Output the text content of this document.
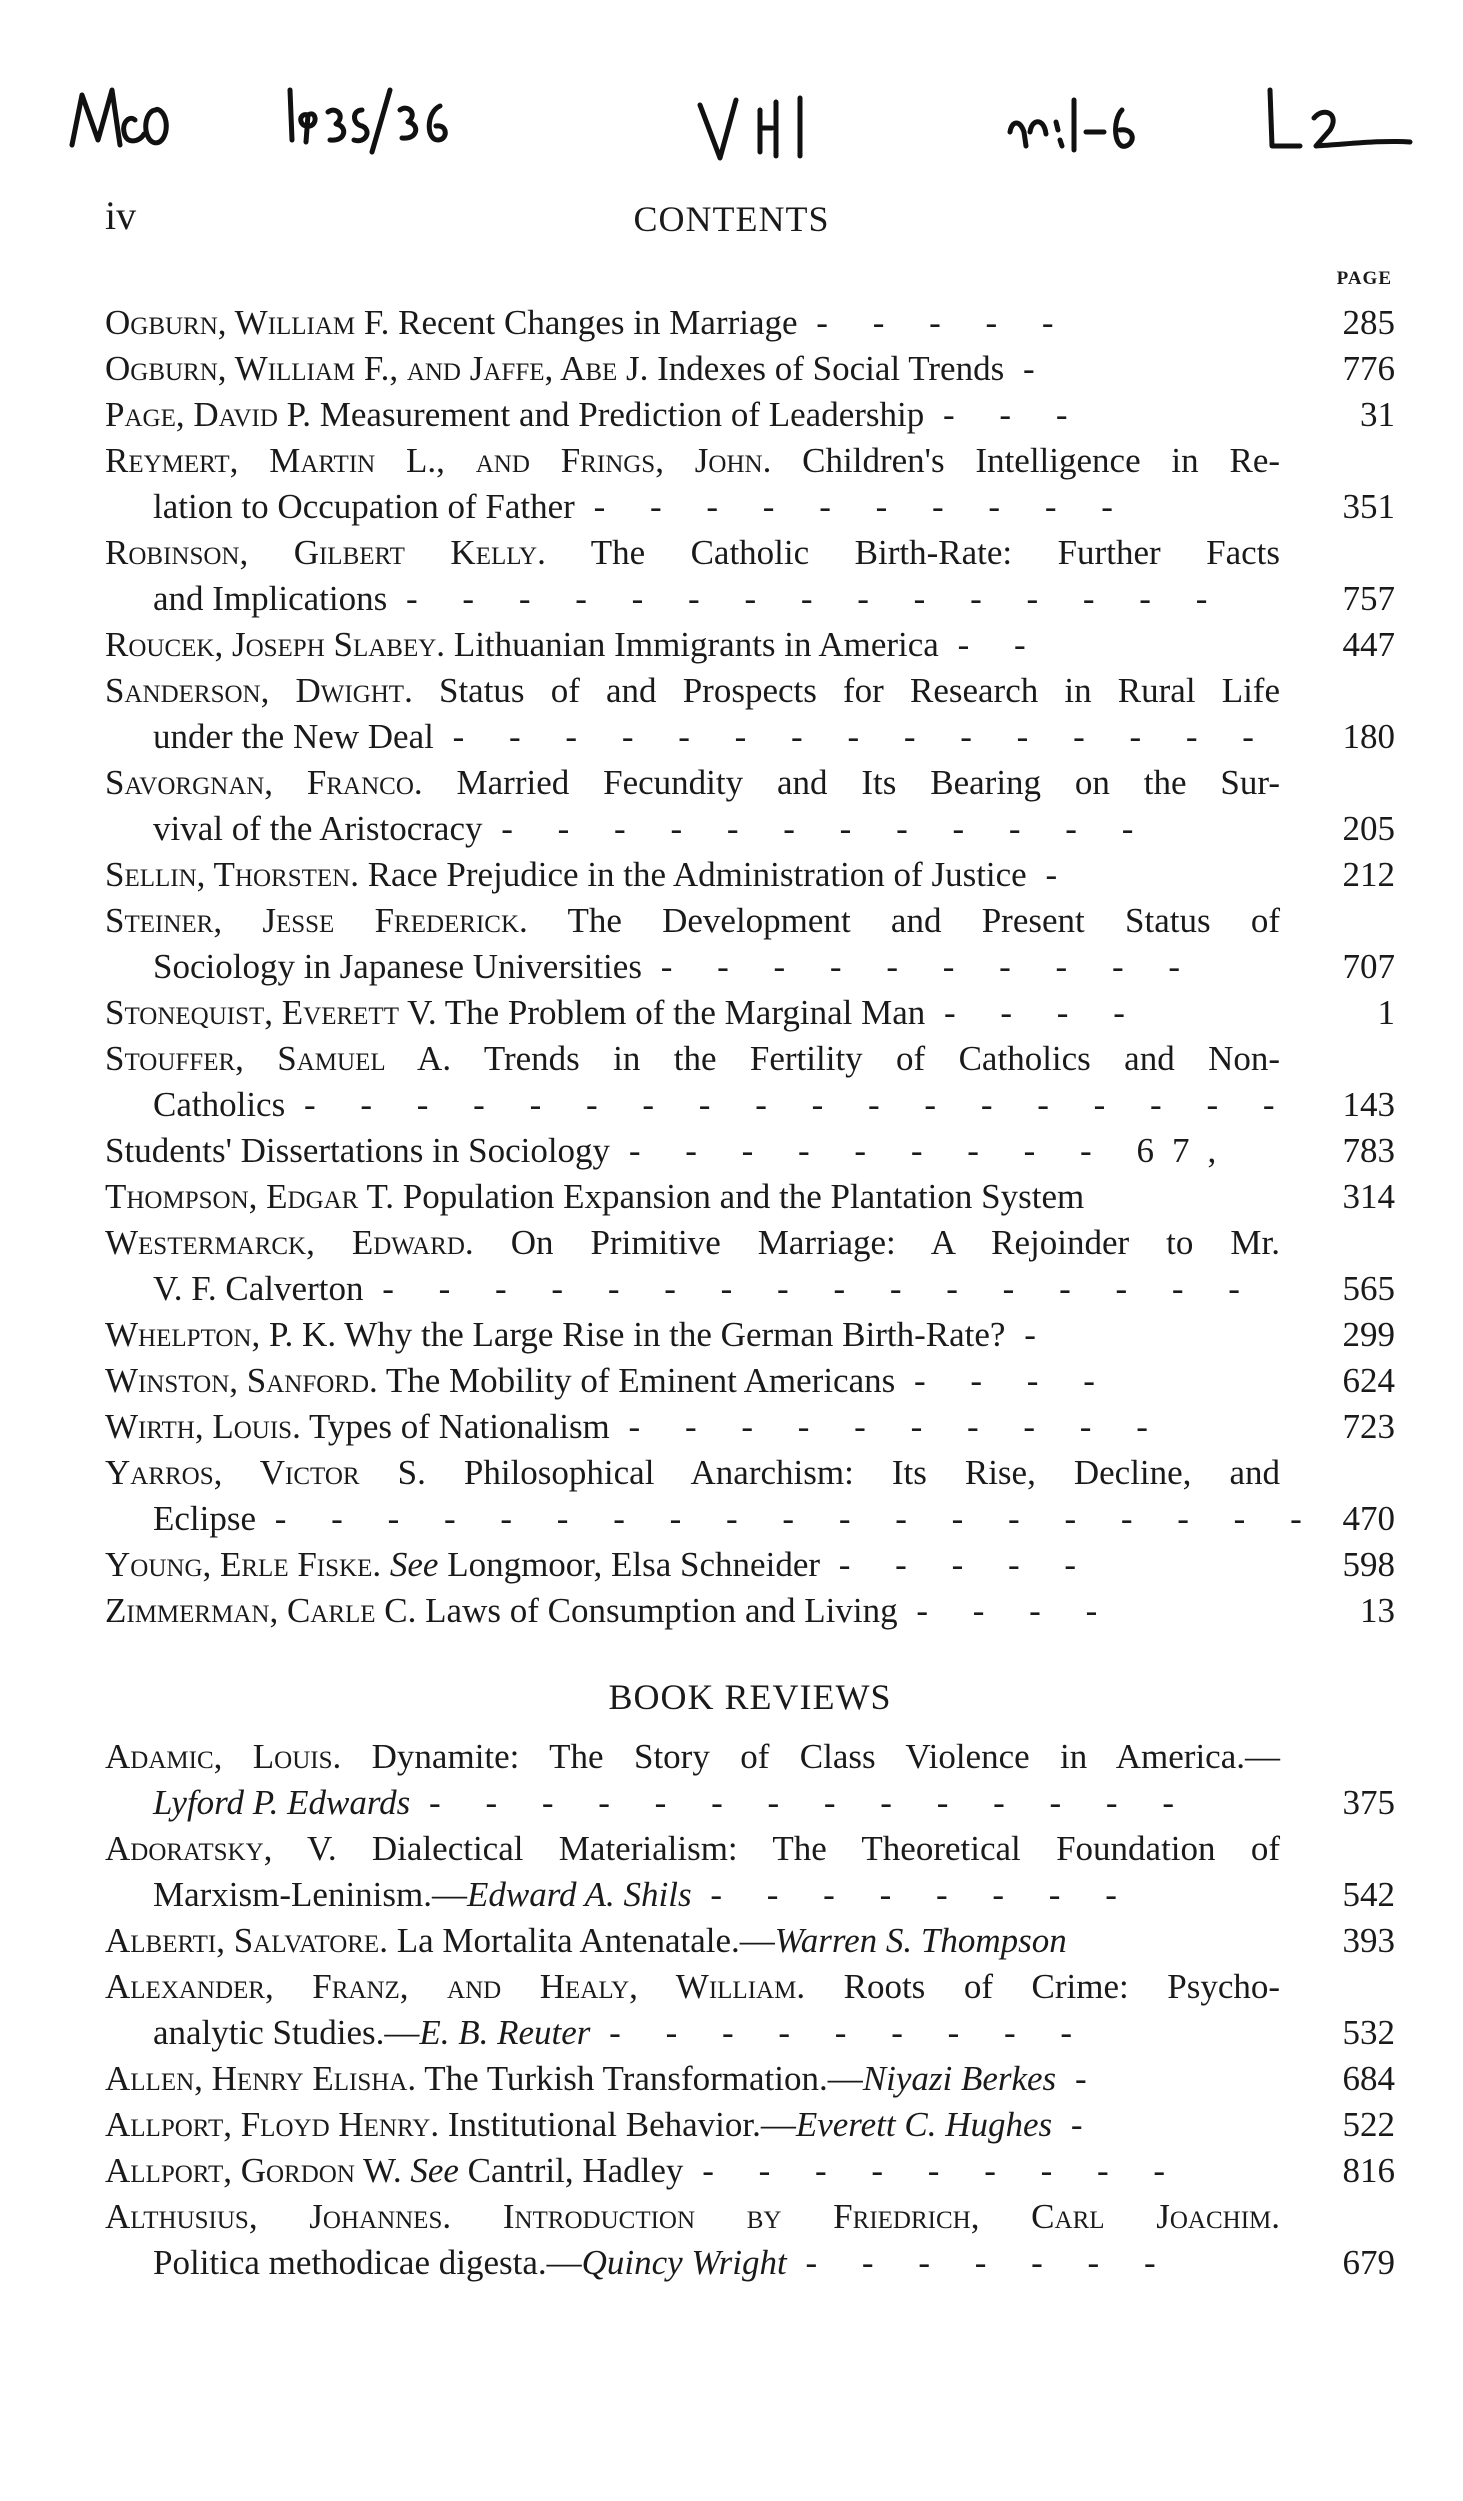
iv	CONTENTS
PAGE
Ogburn, William F. Recent Changes in Marriage - - - - -	285
Ogburn, William F., and Jaffe, Abe J. Indexes of Social Trends -	776
Page, David P. Measurement and Prediction of Leadership - - -	31
Reymert, Martin L., and Frings, John. Children's Intelligence in Re-
lation to Occupation of Father - - - - - - - - - -	351
Robinson, Gilbert Kelly. The Catholic Birth-Rate: Further Facts
and Implications - - - - - - - - - - - - - - -	757
Roucek, Joseph Slabey. Lithuanian Immigrants in America - -	447
Sanderson, Dwight. Status of and Prospects for Research in Rural Life
under the New Deal - - - - - - - - - - - - - - -	180
Savorgnan, Franco. Married Fecundity and Its Bearing on the Sur-
vival of the Aristocracy - - - - - - - - - - - -	205
Sellin, Thorsten. Race Prejudice in the Administration of Justice -	212
Steiner, Jesse Frederick. The Development and Present Status of
Sociology in Japanese Universities - - - - - - - - - -	707
Stonequist, Everett V. The Problem of the Marginal Man - - - -	1
Stouffer, Samuel A. Trends in the Fertility of Catholics and Non-
Catholics - - - - - - - - - - - - - - - - - -	143
Students' Dissertations in Sociology - - - - - - - - - 67,	783
Thompson, Edgar T. Population Expansion and the Plantation System	314
Westermarck, Edward. On Primitive Marriage: A Rejoinder to Mr.
V. F. Calverton - - - - - - - - - - - - - - - -	565
Whelpton, P. K. Why the Large Rise in the German Birth-Rate? -	299
Winston, Sanford. The Mobility of Eminent Americans - - - -	624
Wirth, Louis. Types of Nationalism - - - - - - - - - -	723
Yarros, Victor S. Philosophical Anarchism: Its Rise, Decline, and
Eclipse - - - - - - - - - - - - - - - - - - - 470
Young, Erle Fiske. See Longmoor, Elsa Schneider - - - - -	598
Zimmerman, Carle C. Laws of Consumption and Living - - - -	13
BOOK REVIEWS
Adamic, Louis. Dynamite: The Story of Class Violence in America.—
Lyford P. Edwards - - - - - - - - - - - - - -	375
Adoratsky, V. Dialectical Materialism: The Theoretical Foundation of
Marxism-Leninism.—Edward A. Shils - - - - - - - -	542
Alberti, Salvatore. La Mortalita Antenatale.—Warren S. Thompson	393
Alexander, Franz, and Healy, William. Roots of Crime: Psycho-
analytic Studies.—E. B. Reuter - - - - - - - - -	532
Allen, Henry Elisha. The Turkish Transformation.—Niyazi Berkes -	684
Allport, Floyd Henry. Institutional Behavior.—Everett C. Hughes -	522
Allport, Gordon W. See Cantril, Hadley - - - - - - - - -	816
Althusius, Johannes. Introduction by Friedrich, Carl Joachim.
Politica methodicae digesta.—Quincy Wright - - - - - - -	679
